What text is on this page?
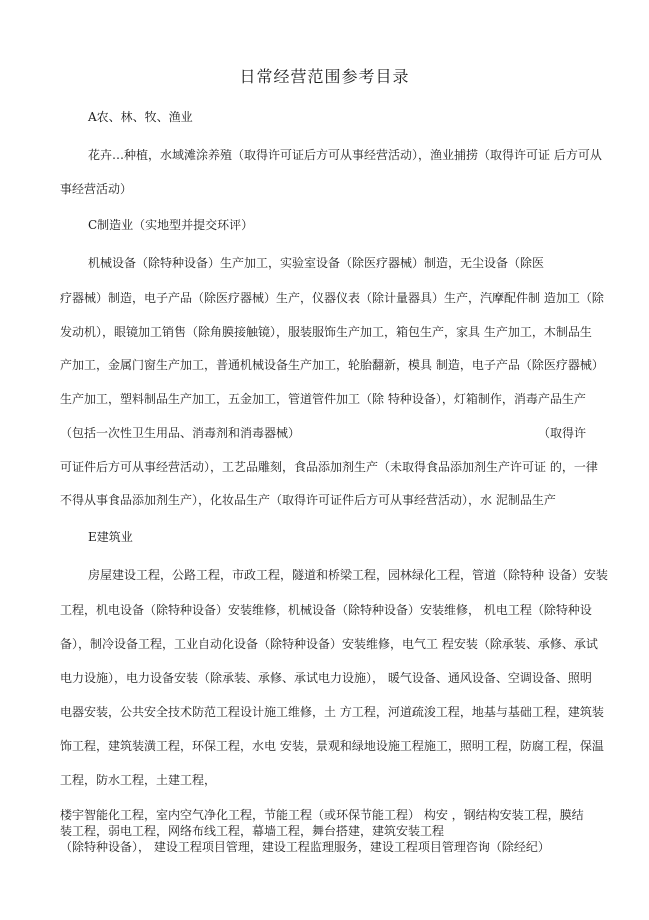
日常经营范围参考目录
A农、林、牧、渔业
花卉…种植，水域滩涂养殖（取得许可证后方可从事经营活动），渔业捕捞（取得许可证 后方可从
事经营活动）
C制造业（实地型并提交环评）
机械设备（除特种设备）生产加工，实验室设备（除医疗器械）制造，无尘设备（除医
疗器械）制造，电子产品（除医疗器械）生产，仪器仪表（除计量器具）生产，汽摩配件制 造加工（除
发动机），眼镜加工销售（除角膜接触镜），服装服饰生产加工，箱包生产，家具 生产加工，木制品生
产加工，金属门窗生产加工，普通机械设备生产加工，轮胎翻新，模具 制造，电子产品（除医疗器械）
生产加工，塑料制品生产加工，五金加工，管道管件加工（除 特种设备），灯箱制作，消毒产品生产
（包括一次性卫生用品、消毒剂和消毒器械）	（取得许
可证件后方可从事经营活动），工艺品雕刻，食品添加剂生产（未取得食品添加剂生产许可证 的，一律
不得从事食品添加剂生产），化妆品生产（取得许可证件后方可从事经营活动），水 泥制品生产
E建筑业
房屋建设工程，公路工程，市政工程，隧道和桥梁工程，园林绿化工程，管道（除特种 设备）安装
工程，机电设备（除特种设备）安装维修，机械设备（除特种设备）安装维修， 机电工程（除特种设
备），制冷设备工程，工业自动化设备（除特种设备）安装维修，电气工 程安装（除承装、承修、承试
电力设施），电力设备安装（除承装、承修、承试电力设施）， 暖气设备、通风设备、空调设备、照明
电器安装，公共安全技术防范工程设计施工维修，土 方工程，河道疏浚工程，地基与基础工程，建筑装
饰工程，建筑装潢工程，环保工程，水电 安装，景观和绿地设施工程施工，照明工程，防腐工程，保温
工程，防水工程，土建工程，
楼宇智能化工程，室内空气净化工程，节能工程（或环保节能工程） 构安 ，钢结构安装工程，膜结
装工程，弱电工程，网络布线工程，幕墙工程，舞台搭建，建筑安装工程
（除特种设备）， 建设工程项目管理，建设工程监理服务，建设工程项目管理咨询（除经纪）
